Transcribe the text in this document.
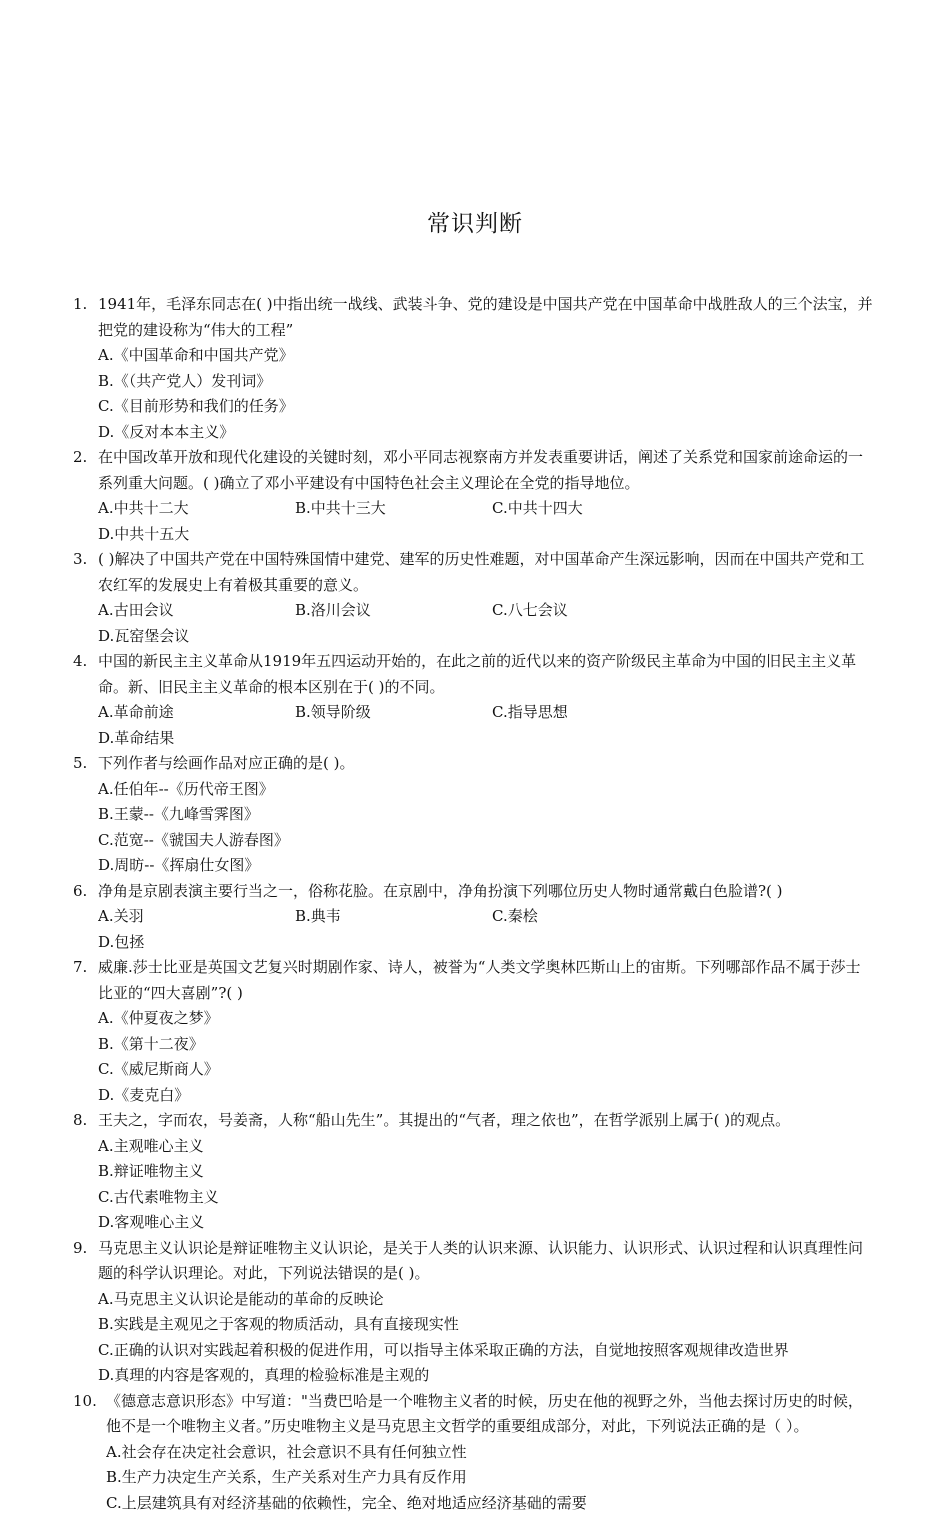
常识判断
1. 1941年，毛泽东同志在( )中指出统一战线、武装斗争、党的建设是中国共产党在中国革命中战胜敌人的三个法宝，并把党的建设称为“伟大的工程”
A.《中国革命和中国共产党》
B.《（共产党人）发刊词》
C.《目前形势和我们的任务》
D.《反对本本主义》
2. 在中国改革开放和现代化建设的关键时刻，邓小平同志视察南方并发表重要讲话，阐述了关系党和国家前途命运的一系列重大问题。( )确立了邓小平建设有中国特色社会主义理论在全党的指导地位。
A.中共十二大	B.中共十三大	C.中共十四大
D.中共十五大
3. ( )解决了中国共产党在中国特殊国情中建党、建军的历史性难题，对中国革命产生深远影响，因而在中国共产党和工农红军的发展史上有着极其重要的意义。
A.古田会议	B.洛川会议	C.八七会议
D.瓦窑堡会议
4. 中国的新民主主义革命从1919年五四运动开始的，在此之前的近代以来的资产阶级民主革命为中国的旧民主主义革命。新、旧民主主义革命的根本区别在于( )的不同。
A.革命前途	B.领导阶级	C.指导思想
D.革命结果
5. 下列作者与绘画作品对应正确的是( )。
A.任伯年--《历代帝王图》
B.王蒙--《九峰雪霁图》
C.范宽--《虢国夫人游春图》
D.周昉--《挥扇仕女图》
6. 净角是京剧表演主要行当之一，俗称花脸。在京剧中，净角扮演下列哪位历史人物时通常戴白色脸谱?( )
A.关羽	B.典韦	C.秦桧
D.包拯
7. 威廉.莎士比亚是英国文艺复兴时期剧作家、诗人，被誉为“人类文学奥林匹斯山上的宙斯。下列哪部作品不属于莎士比亚的“四大喜剧”?( )
A.《仲夏夜之梦》
B.《第十二夜》
C.《威尼斯商人》
D.《麦克白》
8. 王夫之，字而农，号姜斋，人称“船山先生”。其提出的“气者，理之依也”，在哲学派别上属于( )的观点。
A.主观唯心主义
B.辩证唯物主义
C.古代素唯物主义
D.客观唯心主义
9. 马克思主义认识论是辩证唯物主义认识论，是关于人类的认识来源、认识能力、认识形式、认识过程和认识真理性问题的科学认识理论。对此，下列说法错误的是( )。
A.马克思主义认识论是能动的革命的反映论
B.实践是主观见之于客观的物质活动，具有直接现实性
C.正确的认识对实践起着积极的促进作用，可以指导主体采取正确的方法，自觉地按照客观规律改造世界
D.真理的内容是客观的，真理的检验标准是主观的
10. 《德意志意识形态》中写道："当费巴哈是一个唯物主义者的时候，历史在他的视野之外，当他去探讨历史的时候，他不是一个唯物主义者。”历史唯物主义是马克思主文哲学的重要组成部分，对此，下列说法正确的是（ ）。
A.社会存在决定社会意识，社会意识不具有任何独立性
B.生产力决定生产关系，生产关系对生产力具有反作用
C.上层建筑具有对经济基础的依赖性，完全、绝对地适应经济基础的需要
